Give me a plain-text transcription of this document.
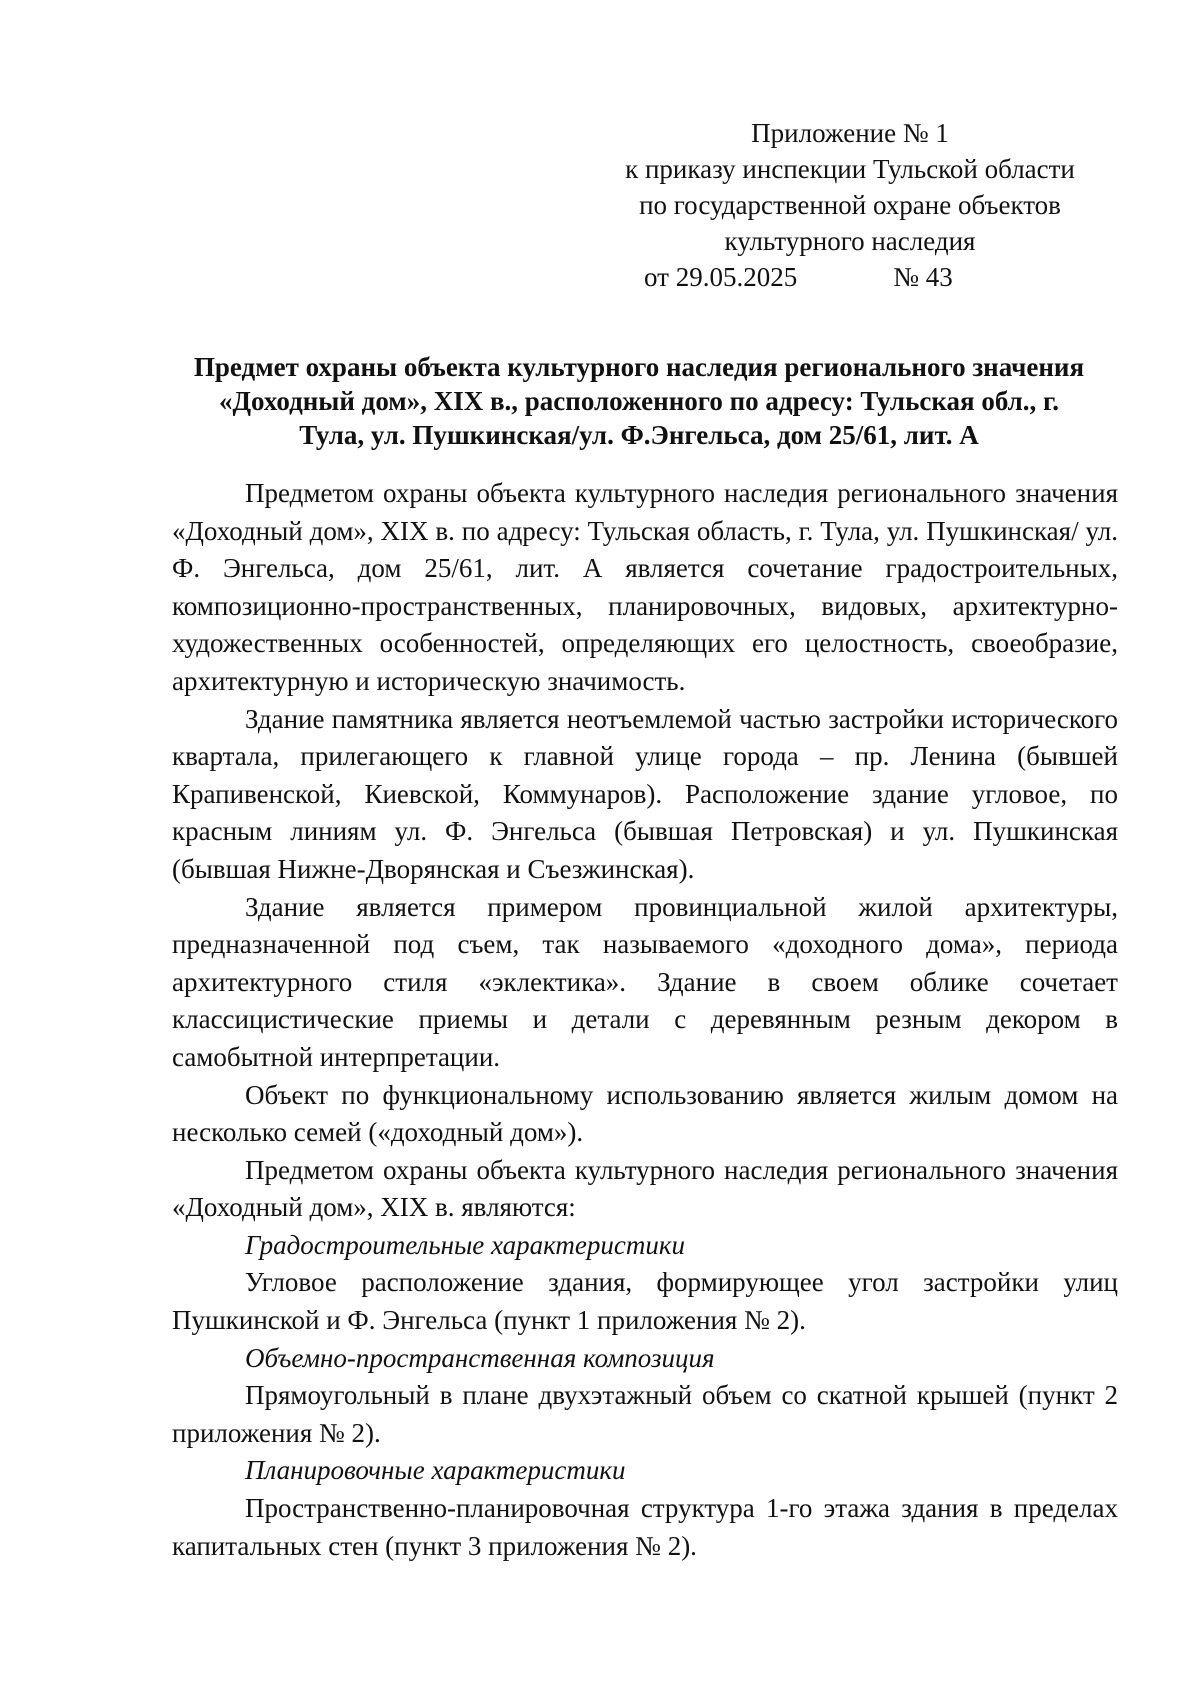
Приложение № 1
к приказу инспекции Тульской области
по государственной охране объектов
культурного наследия
от 29.05.2025	№ 43
Предмет охраны объекта культурного наследия регионального значения
«Доходный дом», XIX в., расположенного по адресу: Тульская обл., г.
Тула, ул. Пушкинская/ул. Ф.Энгельса, дом 25/61, лит. А

Предметом охраны объекта культурного наследия регионального значения «Доходный дом», XIX в. по адресу: Тульская область, г. Тула, ул. Пушкинская/ ул. Ф. Энгельса, дом 25/61, лит. А является сочетание градостроительных, композиционно-пространственных, планировочных, видовых, архитектурно-художественных особенностей, определяющих его целостность, своеобразие, архитектурную и историческую значимость.

Здание памятника является неотъемлемой частью застройки исторического квартала, прилегающего к главной улице города – пр. Ленина (бывшей Крапивенской, Киевской, Коммунаров). Расположение здание угловое, по красным линиям ул. Ф. Энгельса (бывшая Петровская) и ул. Пушкинская (бывшая Нижне-Дворянская и Съезжинская).

Здание является примером провинциальной жилой архитектуры, предназначенной под съем, так называемого «доходного дома», периода архитектурного стиля «эклектика». Здание в своем облике сочетает классицистические приемы и детали с деревянным резным декором в самобытной интерпретации.

Объект по функциональному использованию является жилым домом на несколько семей («доходный дом»).

Предметом охраны объекта культурного наследия регионального значения «Доходный дом», XIX в. являются:

Градостроительные характеристики

Угловое расположение здания, формирующее угол застройки улиц Пушкинской и Ф. Энгельса (пункт 1 приложения № 2).

Объемно-пространственная композиция

Прямоугольный в плане двухэтажный объем со скатной крышей (пункт 2 приложения № 2).

Планировочные характеристики

Пространственно-планировочная структура 1-го этажа здания в пределах капитальных стен (пункт 3 приложения № 2).
